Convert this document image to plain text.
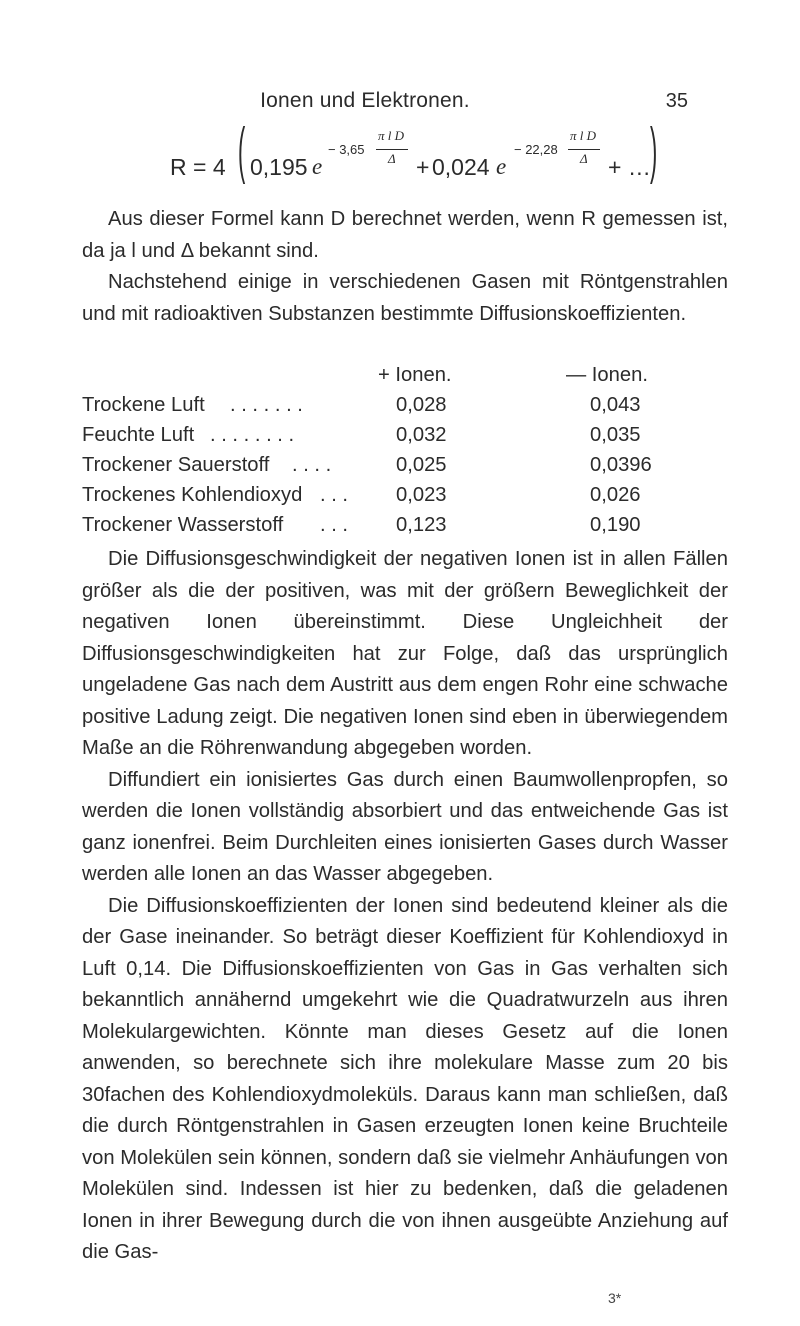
Ionen und Elektronen.	35
R = 4 ( 0,195 e
− 3,65
π l D
Δ + 0,024 e
− 22,28
π l D
Δ + … )

Aus dieser Formel kann D berechnet werden, wenn R gemessen ist, da ja l und Δ bekannt sind.

Nachstehend einige in verschiedenen Gasen mit Röntgenstrahlen und mit radioaktiven Substanzen bestimmte Diffusionskoeffizienten.

+ Ionen.	— Ionen.
Trockene Luft . . . . . . .	0,028	0,043
Feuchte Luft . . . . . . . .	0,032	0,035
Trockener Sauerstoff . . . .	0,025	0,0396
Trockenes Kohlendioxyd . . . 0,023	0,026
Trockener Wasserstoff . . . 0,123	0,190

Die Diffusionsgeschwindigkeit der negativen Ionen ist in allen Fällen größer als die der positiven, was mit der größern Beweglichkeit der negativen Ionen übereinstimmt. Diese Ungleichheit der Diffusionsgeschwindigkeiten hat zur Folge, daß das ursprünglich ungeladene Gas nach dem Austritt aus dem engen Rohr eine schwache positive Ladung zeigt. Die negativen Ionen sind eben in überwiegendem Maße an die Röhrenwandung abgegeben worden.

Diffundiert ein ionisiertes Gas durch einen Baumwollenpropfen, so werden die Ionen vollständig absorbiert und das entweichende Gas ist ganz ionenfrei. Beim Durchleiten eines ionisierten Gases durch Wasser werden alle Ionen an das Wasser abgegeben.

Die Diffusionskoeffizienten der Ionen sind bedeutend kleiner als die der Gase ineinander. So beträgt dieser Koeffizient für Kohlendioxyd in Luft 0,14. Die Diffusionskoeffizienten von Gas in Gas verhalten sich bekanntlich annähernd umgekehrt wie die Quadratwurzeln aus ihren Molekulargewichten. Könnte man dieses Gesetz auf die Ionen anwenden, so berechnete sich ihre molekulare Masse zum 20 bis 30fachen des Kohlendioxydmoleküls. Daraus kann man schließen, daß die durch Röntgenstrahlen in Gasen erzeugten Ionen keine Bruchteile von Molekülen sein können, sondern daß sie vielmehr Anhäufungen von Molekülen sind. Indessen ist hier zu bedenken, daß die geladenen Ionen in ihrer Bewegung durch die von ihnen ausgeübte Anziehung auf die Gas-

3*
